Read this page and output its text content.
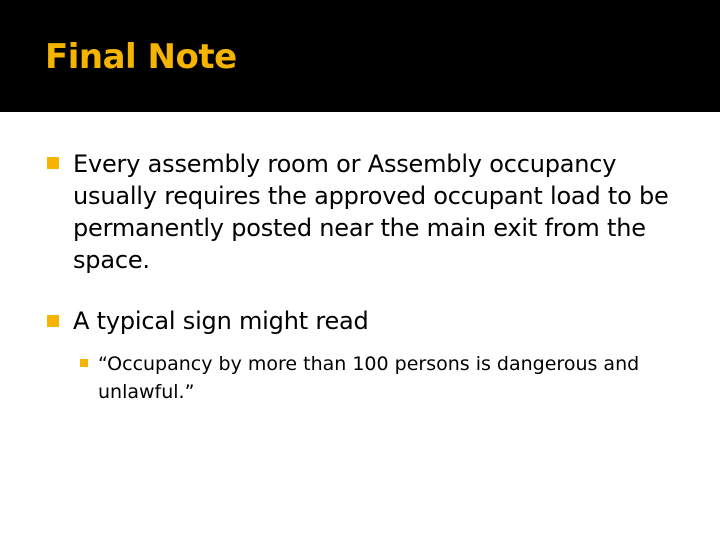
Final Note
Every assembly room or Assembly occupancy usually requires the approved occupant load to be permanently posted near the main exit from the space.
A typical sign might read
“Occupancy by more than 100 persons is dangerous and unlawful.”
